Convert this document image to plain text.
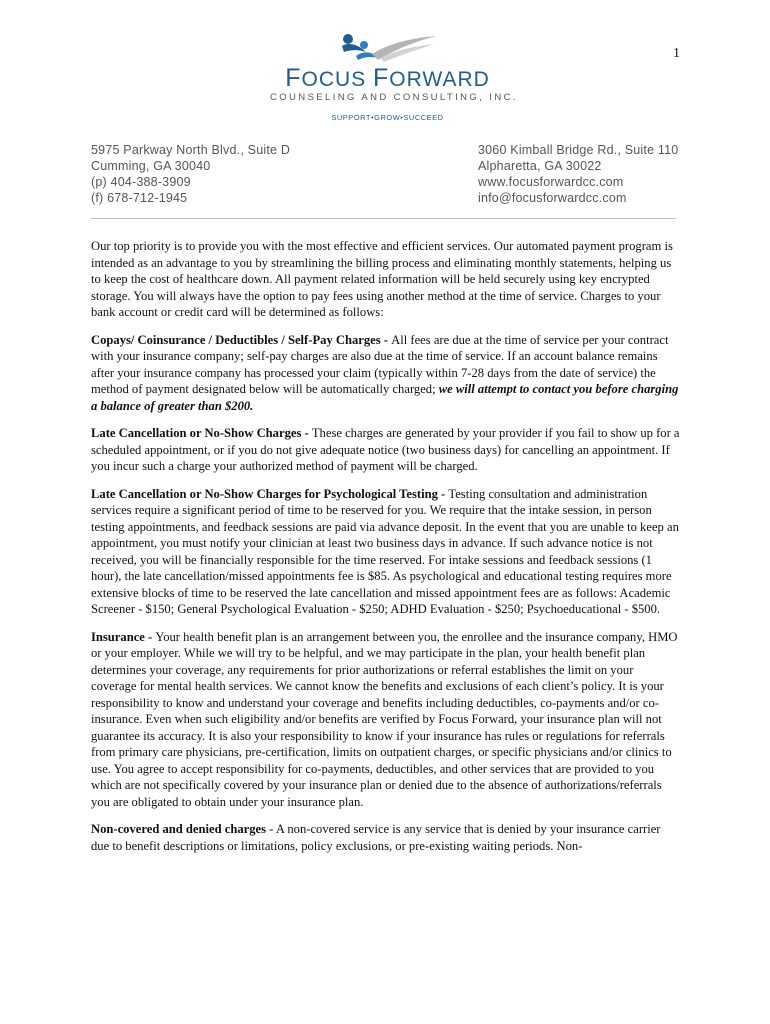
1
FOCUS FORWARD
COUNSELING AND CONSULTING, INC.
SUPPORT•GROW•SUCCEED
5975 Parkway North Blvd., Suite D
Cumming, GA 30040
(p) 404-388-3909
(f) 678-712-1945
3060 Kimball Bridge Rd., Suite 110
Alpharetta, GA 30022
www.focusforwardcc.com
info@focusforwardcc.com

Our top priority is to provide you with the most effective and efficient services. Our automated payment program is intended as an advantage to you by streamlining the billing process and eliminating monthly statements, helping us to keep the cost of healthcare down. All payment related information will be held securely using key encrypted storage. You will always have the option to pay fees using another method at the time of service. Charges to your bank account or credit card will be determined as follows:

Copays/ Coinsurance / Deductibles / Self-Pay Charges - All fees are due at the time of service per your contract with your insurance company; self-pay charges are also due at the time of service. If an account balance remains after your insurance company has processed your claim (typically within 7-28 days from the date of service) the method of payment designated below will be automatically charged; we will attempt to contact you before charging a balance of greater than $200.

Late Cancellation or No-Show Charges - These charges are generated by your provider if you fail to show up for a scheduled appointment, or if you do not give adequate notice (two business days) for cancelling an appointment. If you incur such a charge your authorized method of payment will be charged.

Late Cancellation or No-Show Charges for Psychological Testing - Testing consultation and administration services require a significant period of time to be reserved for you. We require that the intake session, in person testing appointments, and feedback sessions are paid via advance deposit. In the event that you are unable to keep an appointment, you must notify your clinician at least two business days in advance. If such advance notice is not received, you will be financially responsible for the time reserved. For intake sessions and feedback sessions (1 hour), the late cancellation/missed appointments fee is $85. As psychological and educational testing requires more extensive blocks of time to be reserved the late cancellation and missed appointment fees are as follows: Academic Screener - $150; General Psychological Evaluation - $250; ADHD Evaluation - $250; Psychoeducational - $500.

Insurance - Your health benefit plan is an arrangement between you, the enrollee and the insurance company, HMO or your employer. While we will try to be helpful, and we may participate in the plan, your health benefit plan determines your coverage, any requirements for prior authorizations or referral establishes the limit on your coverage for mental health services. We cannot know the benefits and exclusions of each client’s policy. It is your responsibility to know and understand your coverage and benefits including deductibles, co-payments and/or co-insurance. Even when such eligibility and/or benefits are verified by Focus Forward, your insurance plan will not guarantee its accuracy. It is also your responsibility to know if your insurance has rules or regulations for referrals from primary care physicians, pre-certification, limits on outpatient charges, or specific physicians and/or clinics to use. You agree to accept responsibility for co-payments, deductibles, and other services that are provided to you which are not specifically covered by your insurance plan or denied due to the absence of authorizations/referrals you are obligated to obtain under your insurance plan.

Non-covered and denied charges - A non-covered service is any service that is denied by your insurance carrier due to benefit descriptions or limitations, policy exclusions, or pre-existing waiting periods. Non-
